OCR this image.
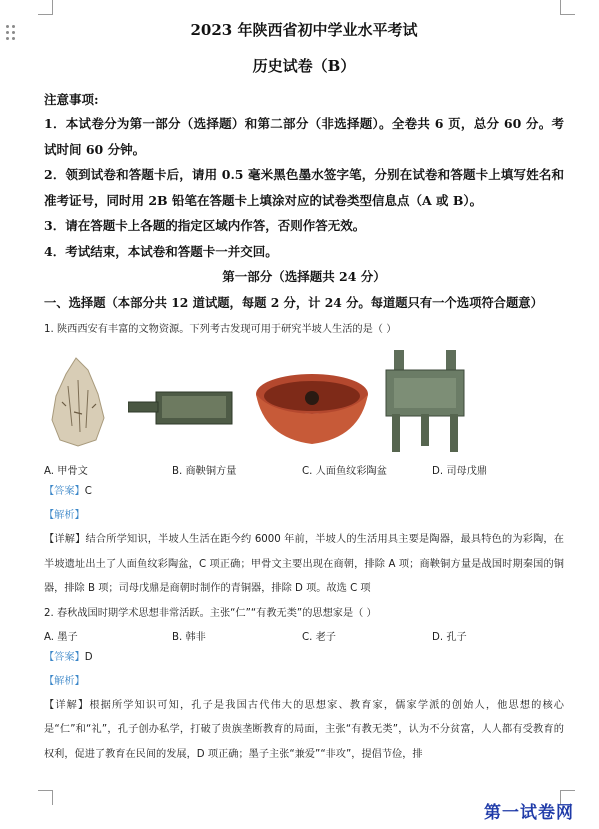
2023 年陕西省初中学业水平考试
历史试卷（B）
注意事项:
1．本试卷分为第一部分（选择题）和第二部分（非选择题）。全卷共 6 页，总分 60 分。考试时间 60 分钟。
2．领到试卷和答题卡后，请用 0.5 毫米黑色墨水签字笔，分别在试卷和答题卡上填写姓名和准考证号，同时用 2B 铅笔在答题卡上填涂对应的试卷类型信息点（A 或 B）。
3．请在答题卡上各题的指定区域内作答，否则作答无效。
4．考试结束，本试卷和答题卡一并交回。
第一部分（选择题共 24 分）
一、选择题（本部分共 12 道试题，每题 2 分，计 24 分。每道题只有一个选项符合题意）
1. 陕西西安有丰富的文物资源。下列考古发现可用于研究半坡人生活的是（ ）
A. 甲骨文	B. 商鞅铜方量	C. 人面鱼纹彩陶盆	D. 司母戊鼎
【答案】C
【解析】
【详解】结合所学知识，半坡人生活在距今约 6000 年前，半坡人的生活用具主要是陶器，最具特色的为彩陶，在半坡遗址出土了人面鱼纹彩陶盆，C 项正确；甲骨文主要出现在商朝，排除 A 项；商鞅铜方量是战国时期秦国的铜器，排除 B 项；司母戊鼎是商朝时制作的青铜器，排除 D 项。故选 C 项
2. 春秋战国时期学术思想非常活跃。主张“仁”“有教无类”的思想家是（ ）
A. 墨子	B. 韩非	C. 老子	D. 孔子
【答案】D
【解析】
【详解】根据所学知识可知，孔子是我国古代伟大的思想家、教育家，儒家学派的创始人，他思想的核心是“仁”和“礼”，孔子创办私学，打破了贵族垄断教育的局面，主张“有教无类”，认为不分贫富，人人都有受教育的权利，促进了教育在民间的发展，D 项正确；墨子主张“兼爱”“非攻”，提倡节俭，排
第一试卷网
